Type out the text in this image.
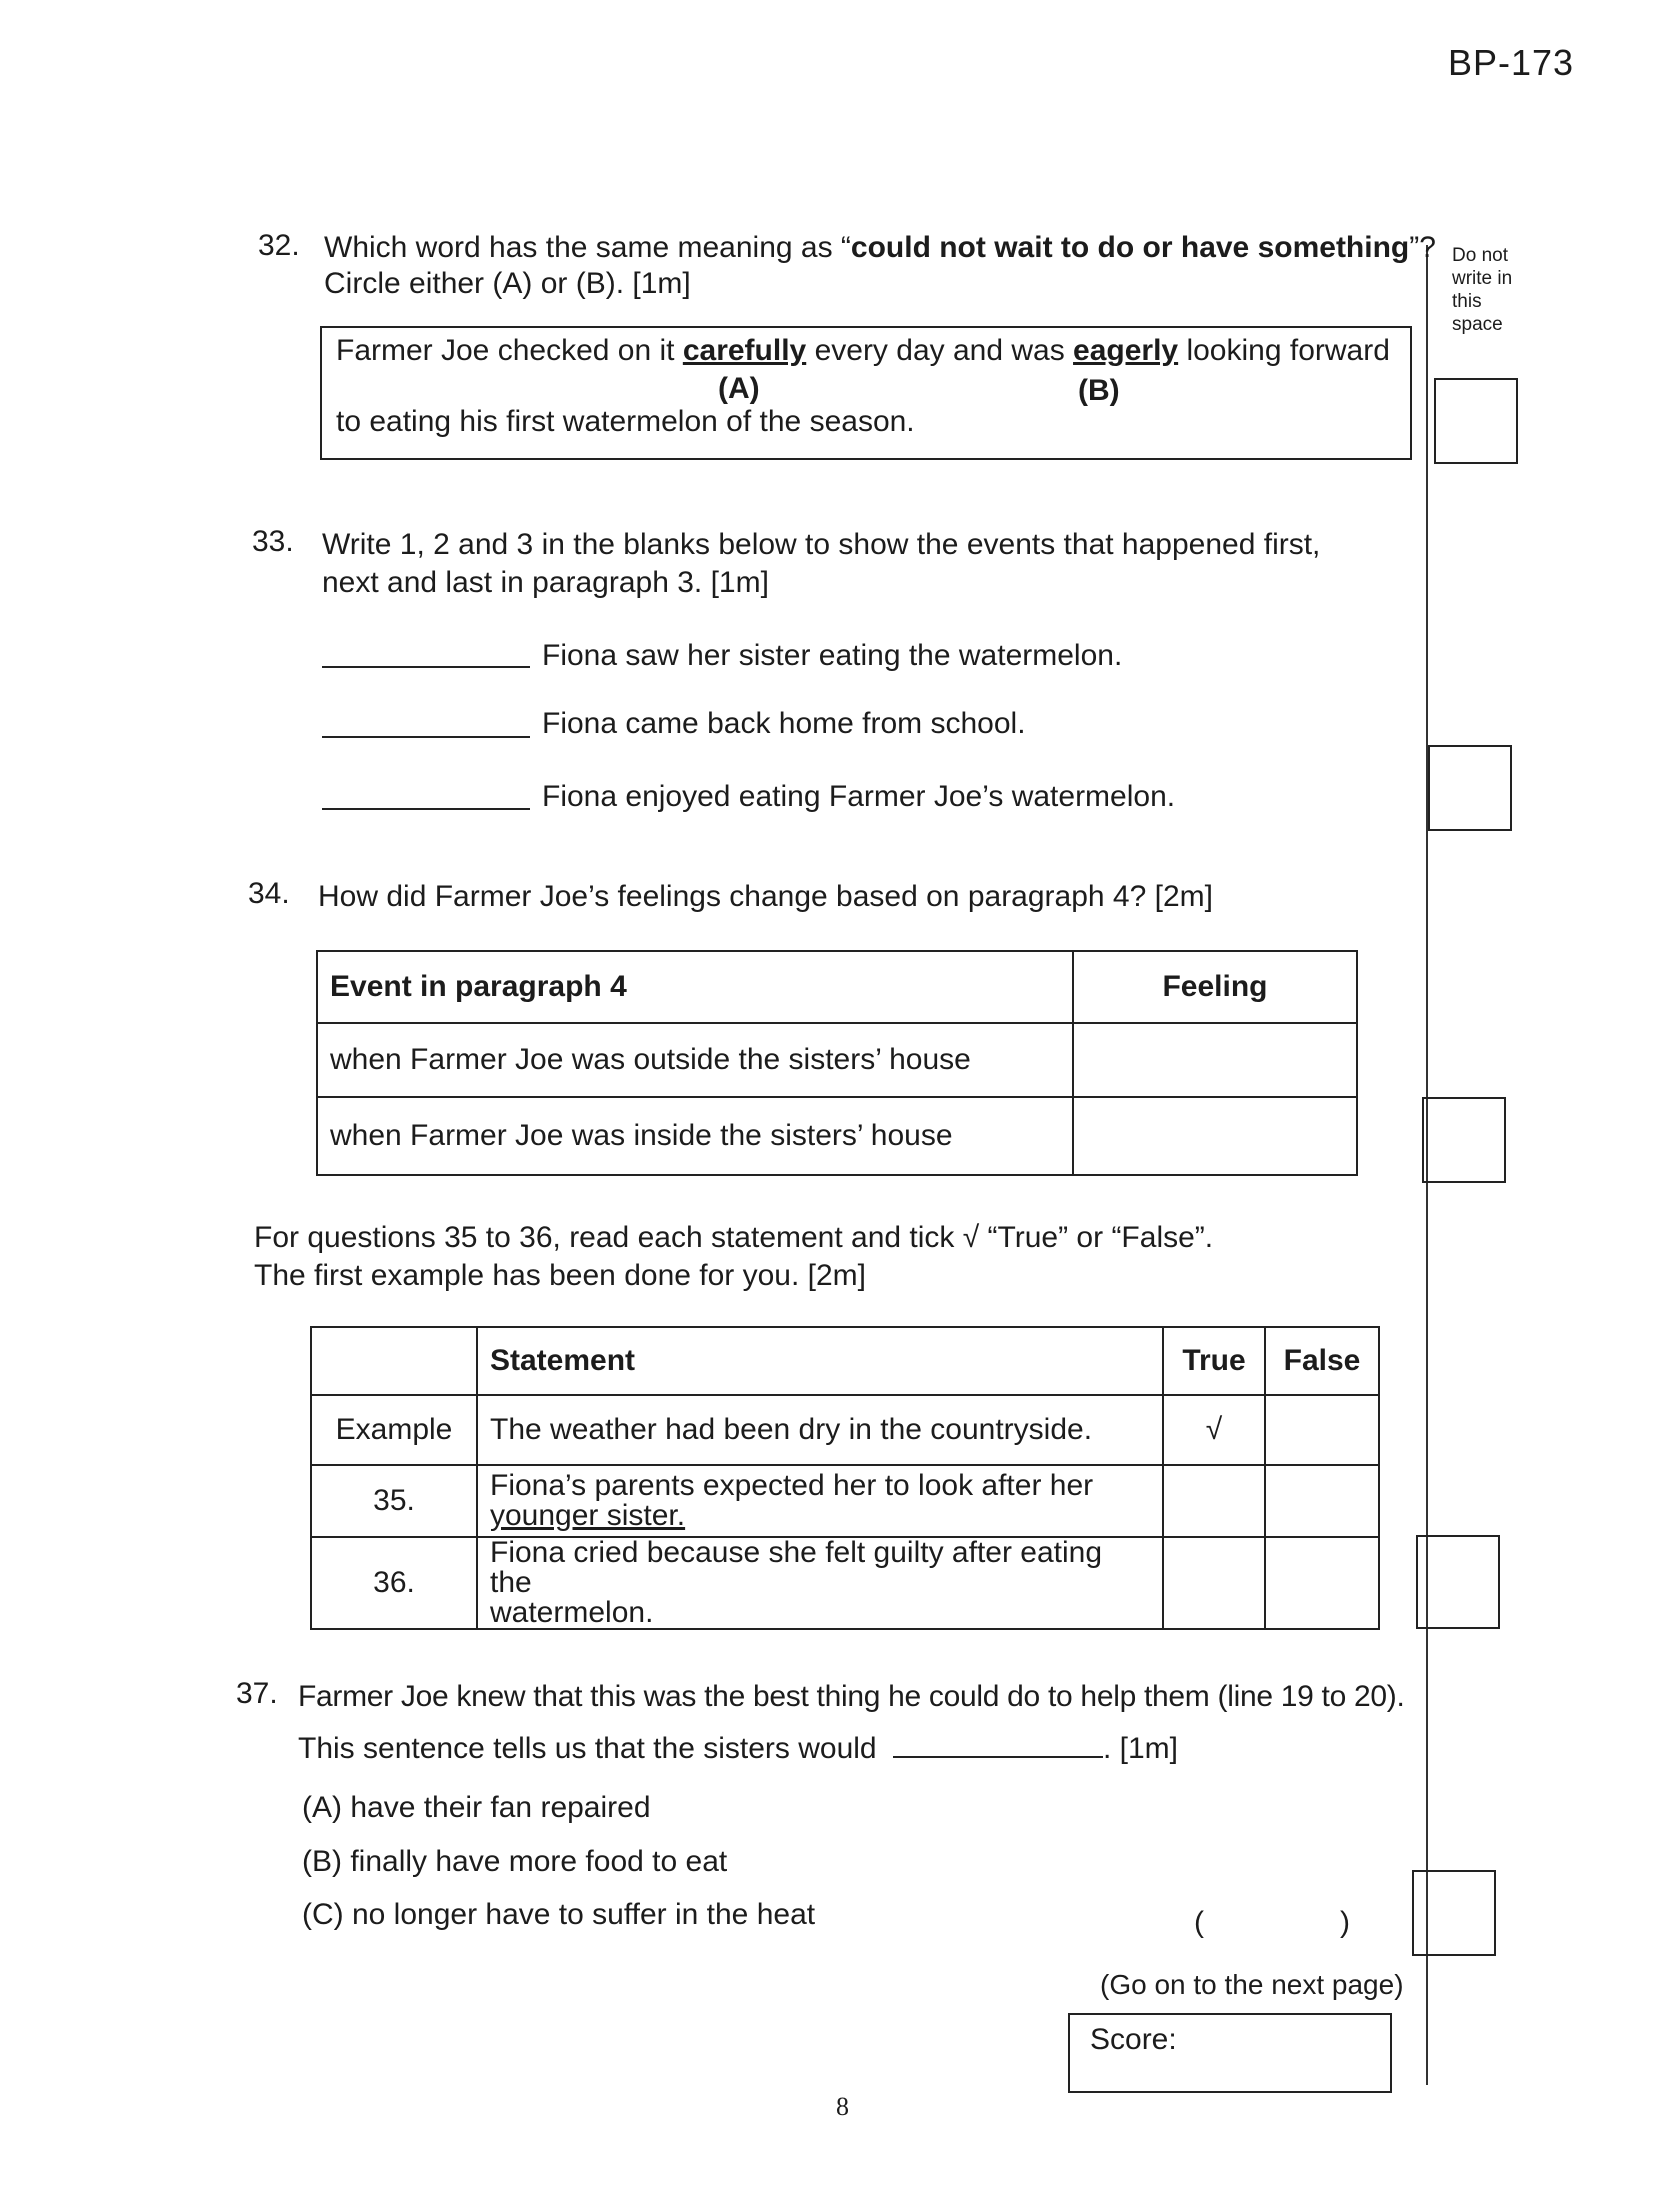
BP-173
Do not
write in
this
space
32. Which word has the same meaning as “could not wait to do or have something”?
Circle either (A) or (B). [1m]
Farmer Joe checked on it carefully every day and was eagerly looking forward
(A)	(B)
to eating his first watermelon of the season.
33. Write 1, 2 and 3 in the blanks below to show the events that happened first,
next and last in paragraph 3. [1m]
Fiona saw her sister eating the watermelon.
Fiona came back home from school.
Fiona enjoyed eating Farmer Joe’s watermelon.
34. How did Farmer Joe’s feelings change based on paragraph 4? [2m]
Event in paragraph 4	Feeling
when Farmer Joe was outside the sisters’ house	
when Farmer Joe was inside the sisters’ house	
For questions 35 to 36, read each statement and tick √ “True” or “False”.
The first example has been done for you. [2m]
	Statement	True	False
Example	The weather had been dry in the countryside.	√	
35.	Fiona’s parents expected her to look after her
younger sister.		

36.	Fiona cried because she felt guilty after eating the
watermelon.		

37. Farmer Joe knew that this was the best thing he could do to help them (line 19 to 20).
This sentence tells us that the sisters would	. [1m]
(A) have their fan repaired
(B) finally have more food to eat
(C) no longer have to suffer in the heat	(	)
(Go on to the next page)
Score:
8
